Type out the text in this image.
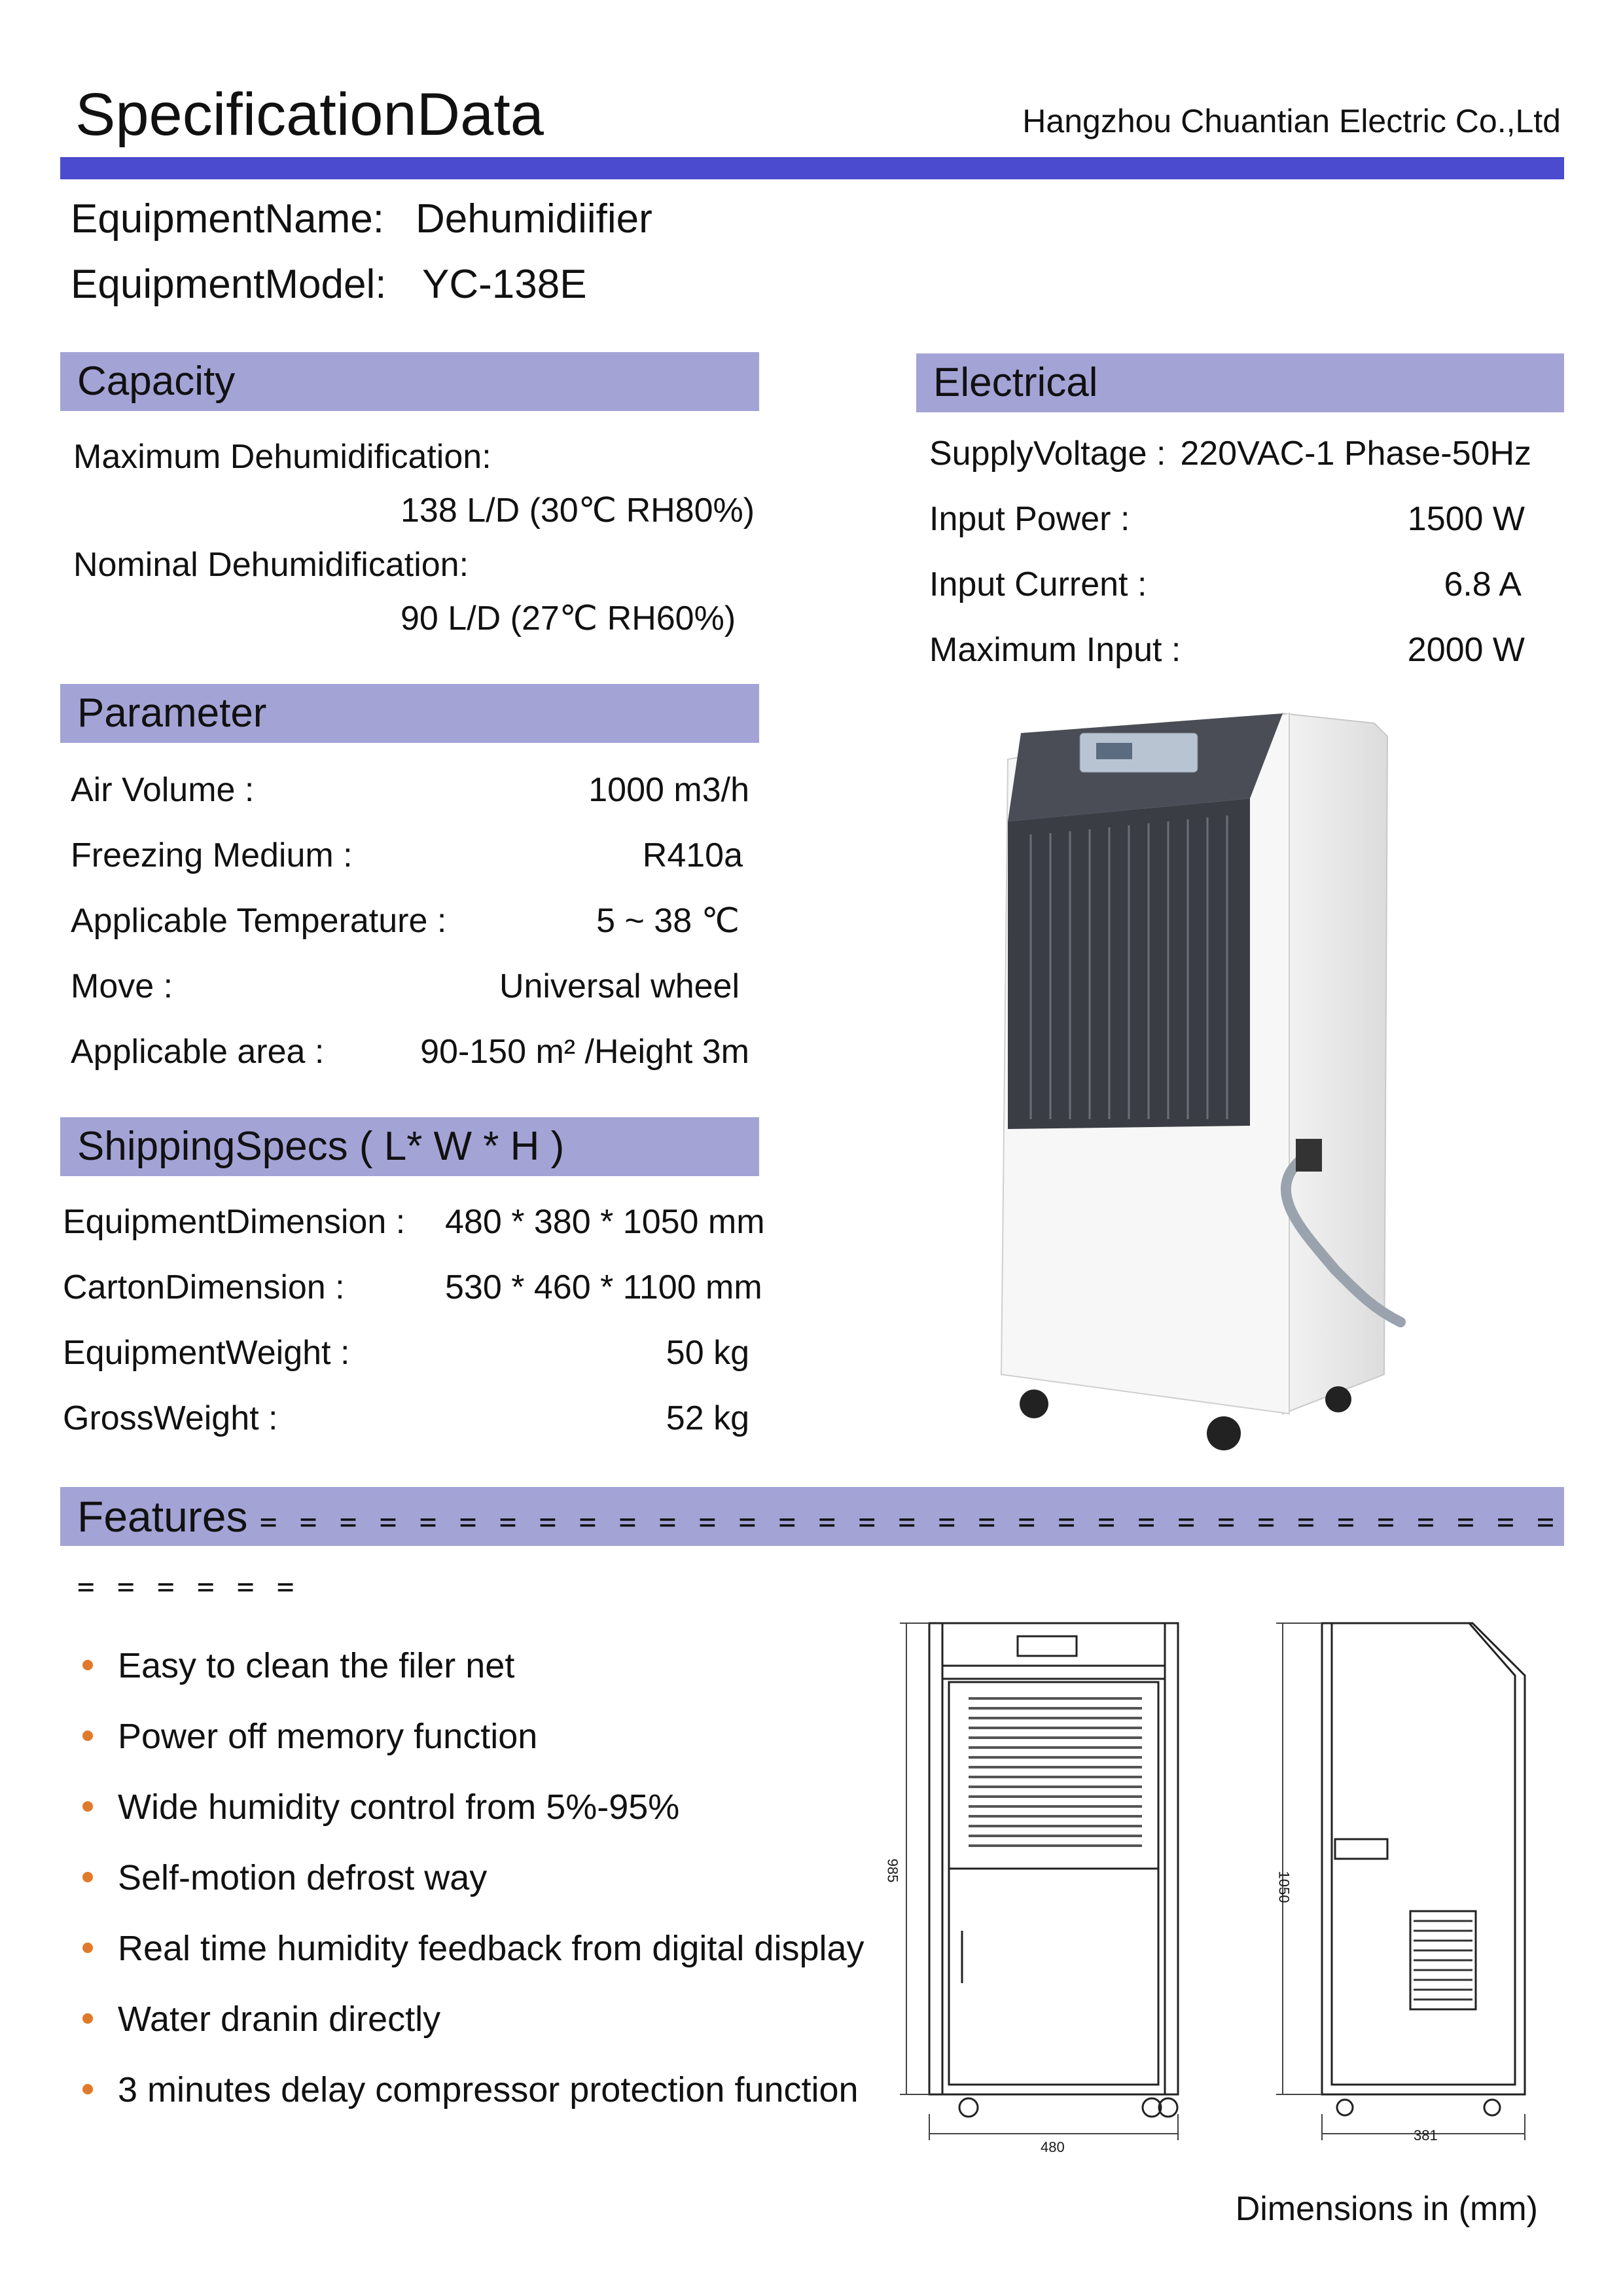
SpecificationData	Hangzhou Chuantian Electric Co.,Ltd
EquipmentName: Dehumidiifier
EquipmentModel: YC-138E
Capacity
Maximum Dehumidification:
138 L/D (30℃ RH80%)
Nominal Dehumidification:
90 L/D (27℃ RH60%)
Electrical
SupplyVoltage : 220VAC-1 Phase-50Hz
Input Power :	1500 W
Input Current :	6.8 A
Maximum Input :	2000 W
Parameter
Air Volume :	1000 m3/h
Freezing Medium :	R410a
Applicable Temperature :	5 ~ 38 ℃
Move :	Universal wheel
Applicable area :	90-150 m² /Height 3m
ShippingSpecs ( L* W * H )
EquipmentDimension : 480 * 380 * 1050 mm
CartonDimension :	530 * 460 * 1100 mm
EquipmentWeight :	50 kg
GrossWeight :	52 kg
Features = = = = = = = = = = = = = = = = = = = = = = = = = = = = = = = = = = = = = = =
Easy to clean the filer net
Power off memory function
Wide humidity control from 5%-95%
Self-motion defrost way
Real time humidity feedback from digital display
Water dranin directly
3 minutes delay compressor protection function
985
480
1050
381
Dimensions in (mm)
